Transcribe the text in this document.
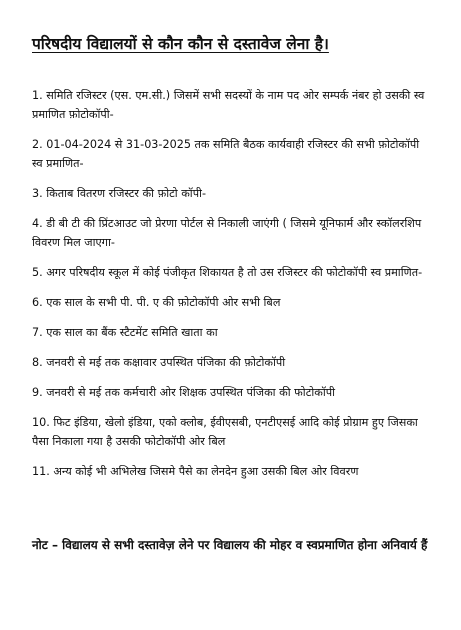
परिषदीय विद्यालयों से कौन कौन से दस्तावेज लेना है।
1. समिति रजिस्टर (एस. एम.सी.) जिसमें सभी सदस्यों के नाम पद ओर सम्पर्क नंबर हो उसकी स्व प्रमाणित फ़ोटोकॉपी-
2. 01-04-2024 से 31-03-2025 तक समिति बैठक कार्यवाही रजिस्टर की सभी फ़ोटोकॉपी स्व प्रमाणित-
3. किताब वितरण रजिस्टर की फ़ोटो कॉपी-
4. डी बी टी की प्रिंटआउट जो प्रेरणा पोर्टल से निकाली जाएंगी ( जिसमे यूनिफार्म और स्कॉलरशिप विवरण मिल जाएगा-
5. अगर परिषदीय स्कूल में कोई पंजीकृत शिकायत है तो उस रजिस्टर की फोटोकॉपी स्व प्रमाणित-
6. एक साल के सभी पी. पी. ए की फ़ोटोकॉपी ओर सभी बिल
7. एक साल का बैंक स्टैटमेंट समिति खाता का
8. जनवरी से मई तक कक्षावार उपस्थित पंजिका की फ़ोटोकॉपी
9. जनवरी से मई तक कर्मचारी ओर शिक्षक उपस्थित पंजिका की फोटोकॉपी
10. फिट इंडिया, खेलो इंडिया, एको क्लोब, ईवीएसबी, एनटीएसई आदि कोई प्रोग्राम हुए जिसका पैसा निकाला गया है उसकी फोटोकॉपी ओर बिल
11. अन्य कोई भी अभिलेख जिसमे पैसे का लेनदेन हुआ उसकी बिल ओर विवरण
नोट – विद्यालय से सभी दस्तावेज़ लेने पर विद्यालय की मोहर व स्वप्रमाणित होना अनिवार्य हैं
